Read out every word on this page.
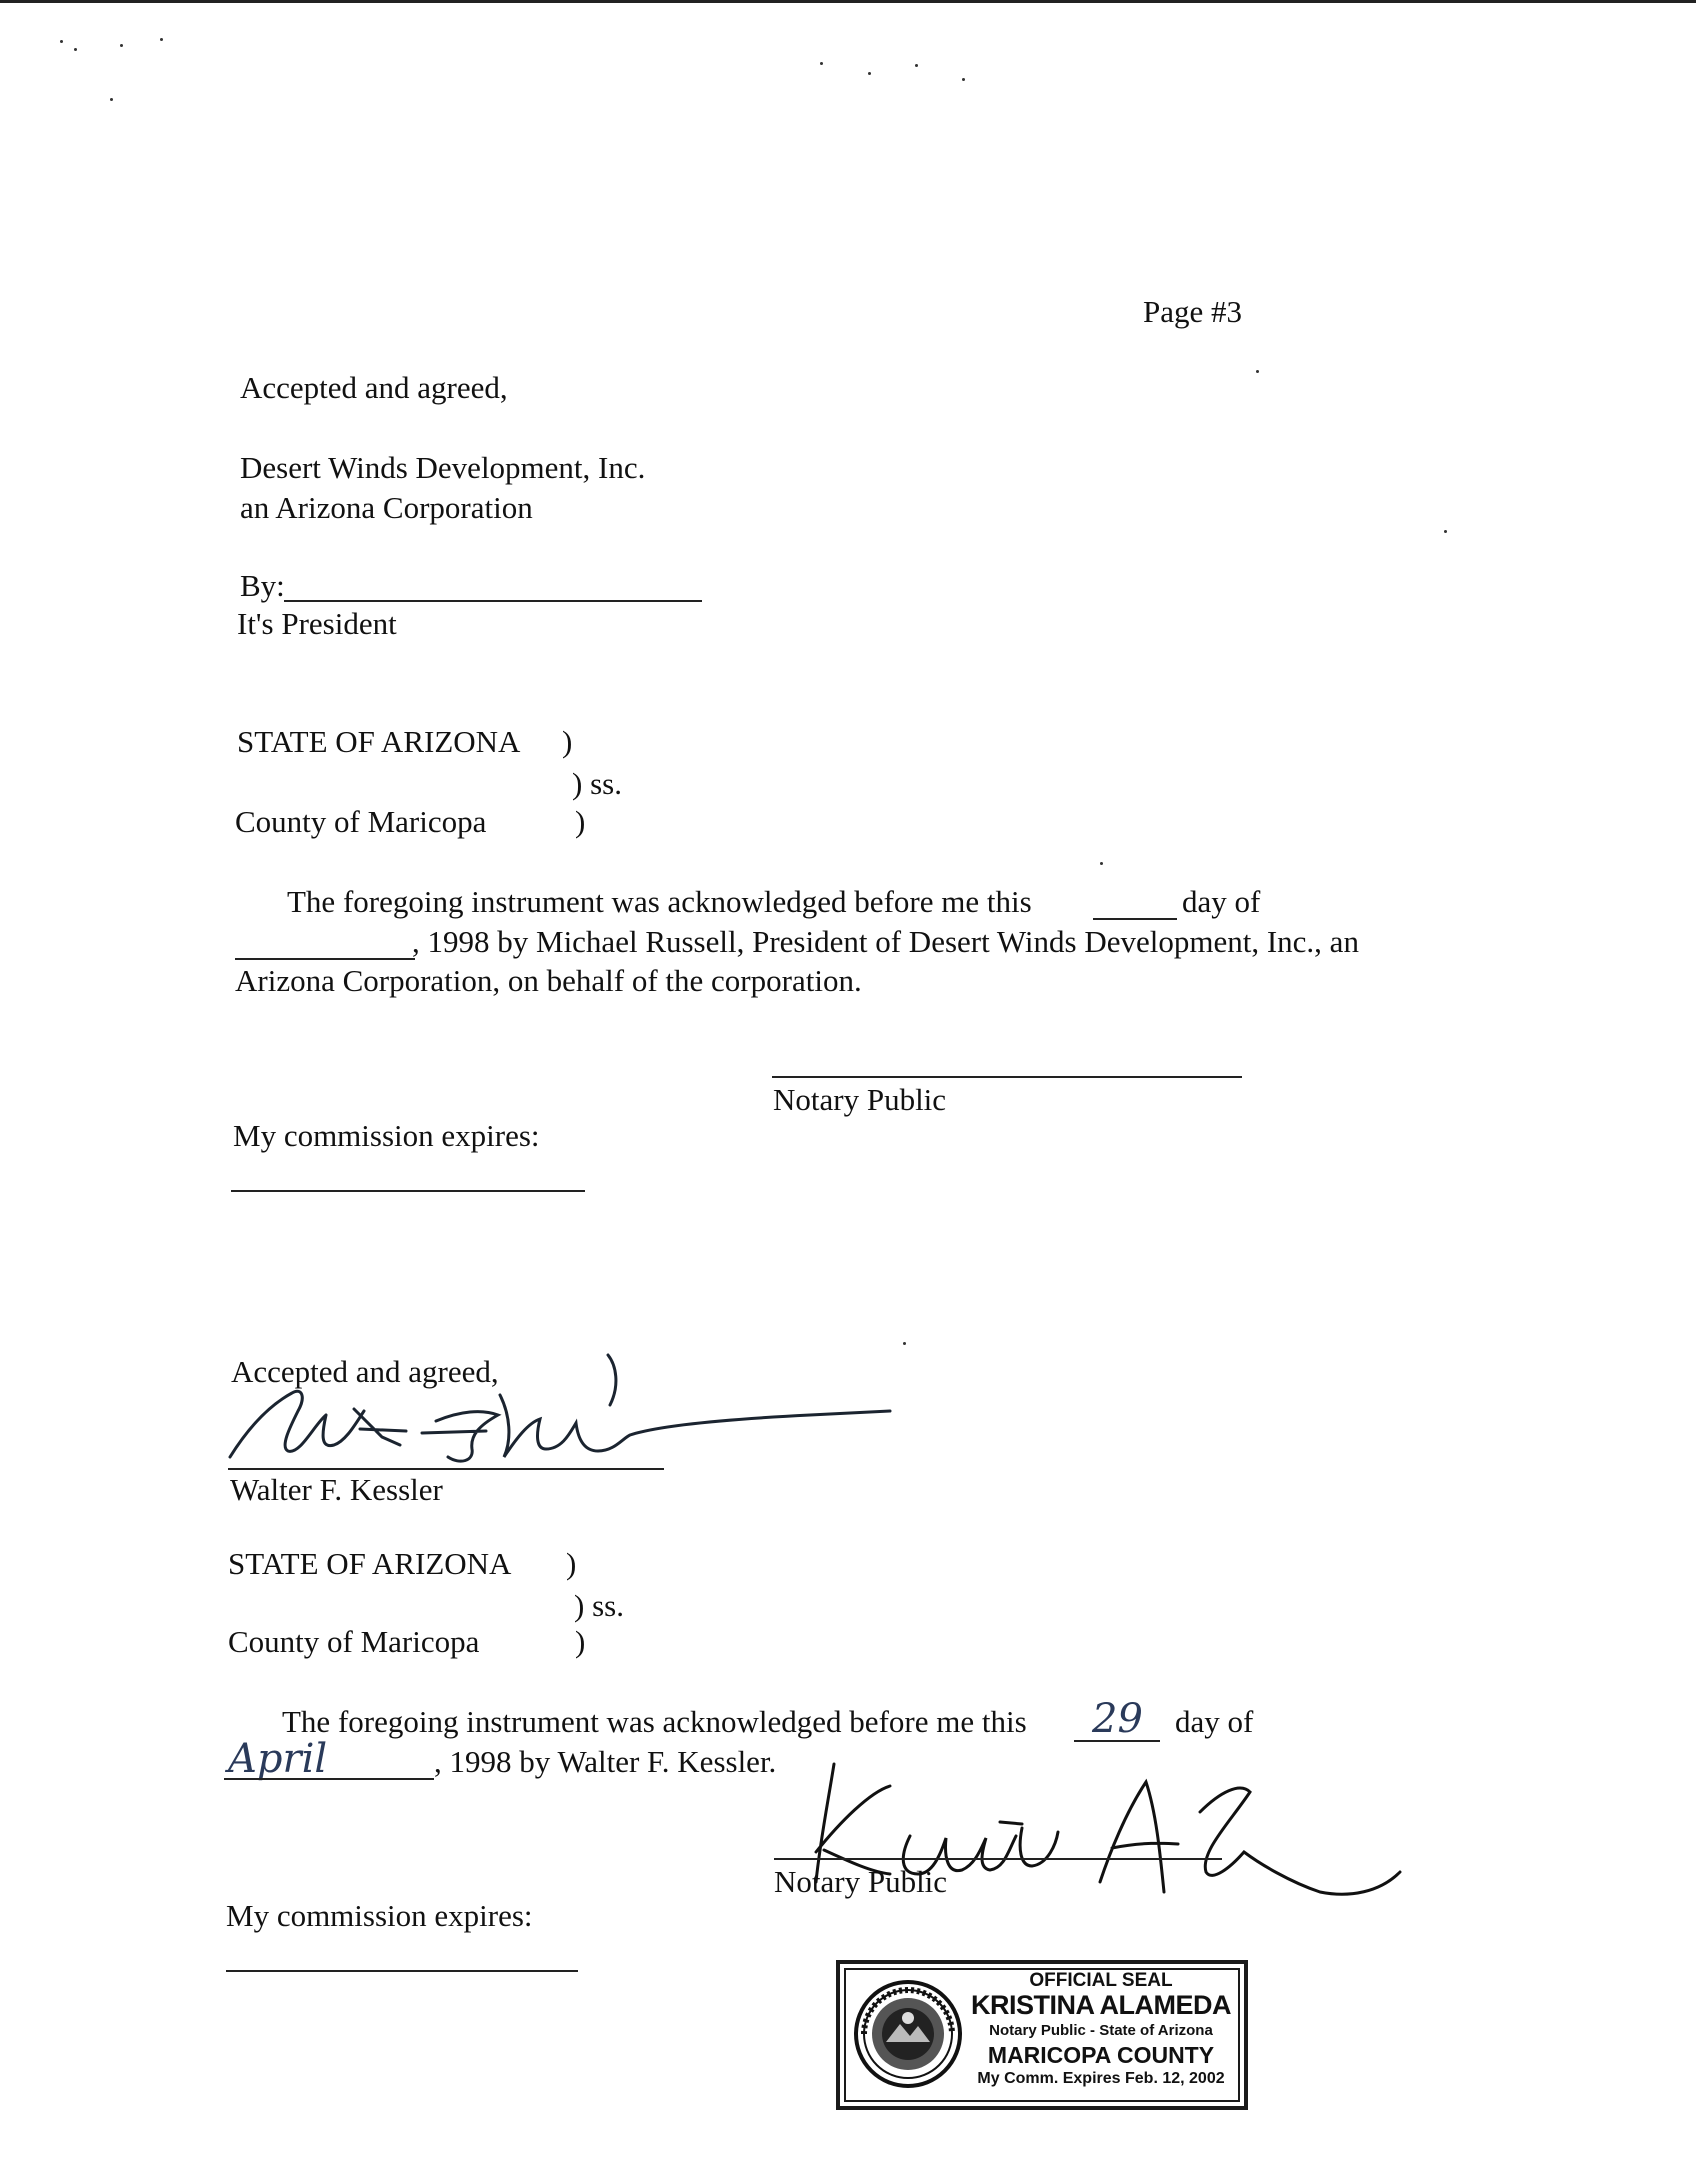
Page #3
Accepted and agreed,
Desert Winds Development, Inc.
an Arizona Corporation
By:
It's President
STATE OF ARIZONA )
) ss.
County of Maricopa	)
The foregoing instrument was acknowledged before me this	day of
, 1998 by Michael Russell, President of Desert Winds Development, Inc., an
Arizona Corporation, on behalf of the corporation.
Notary Public
My commission expires:
Accepted and agreed,
Walter F. Kessler
STATE OF ARIZONA )
) ss.
County of Maricopa	)
The foregoing instrument was acknowledged before me this 29 day of
April	, 1998 by Walter F. Kessler.
Notary Public
My commission expires:
OFFICIAL SEAL
KRISTINA ALAMEDA
Notary Public - State of Arizona
MARICOPA COUNTY
My Comm. Expires Feb. 12, 2002
